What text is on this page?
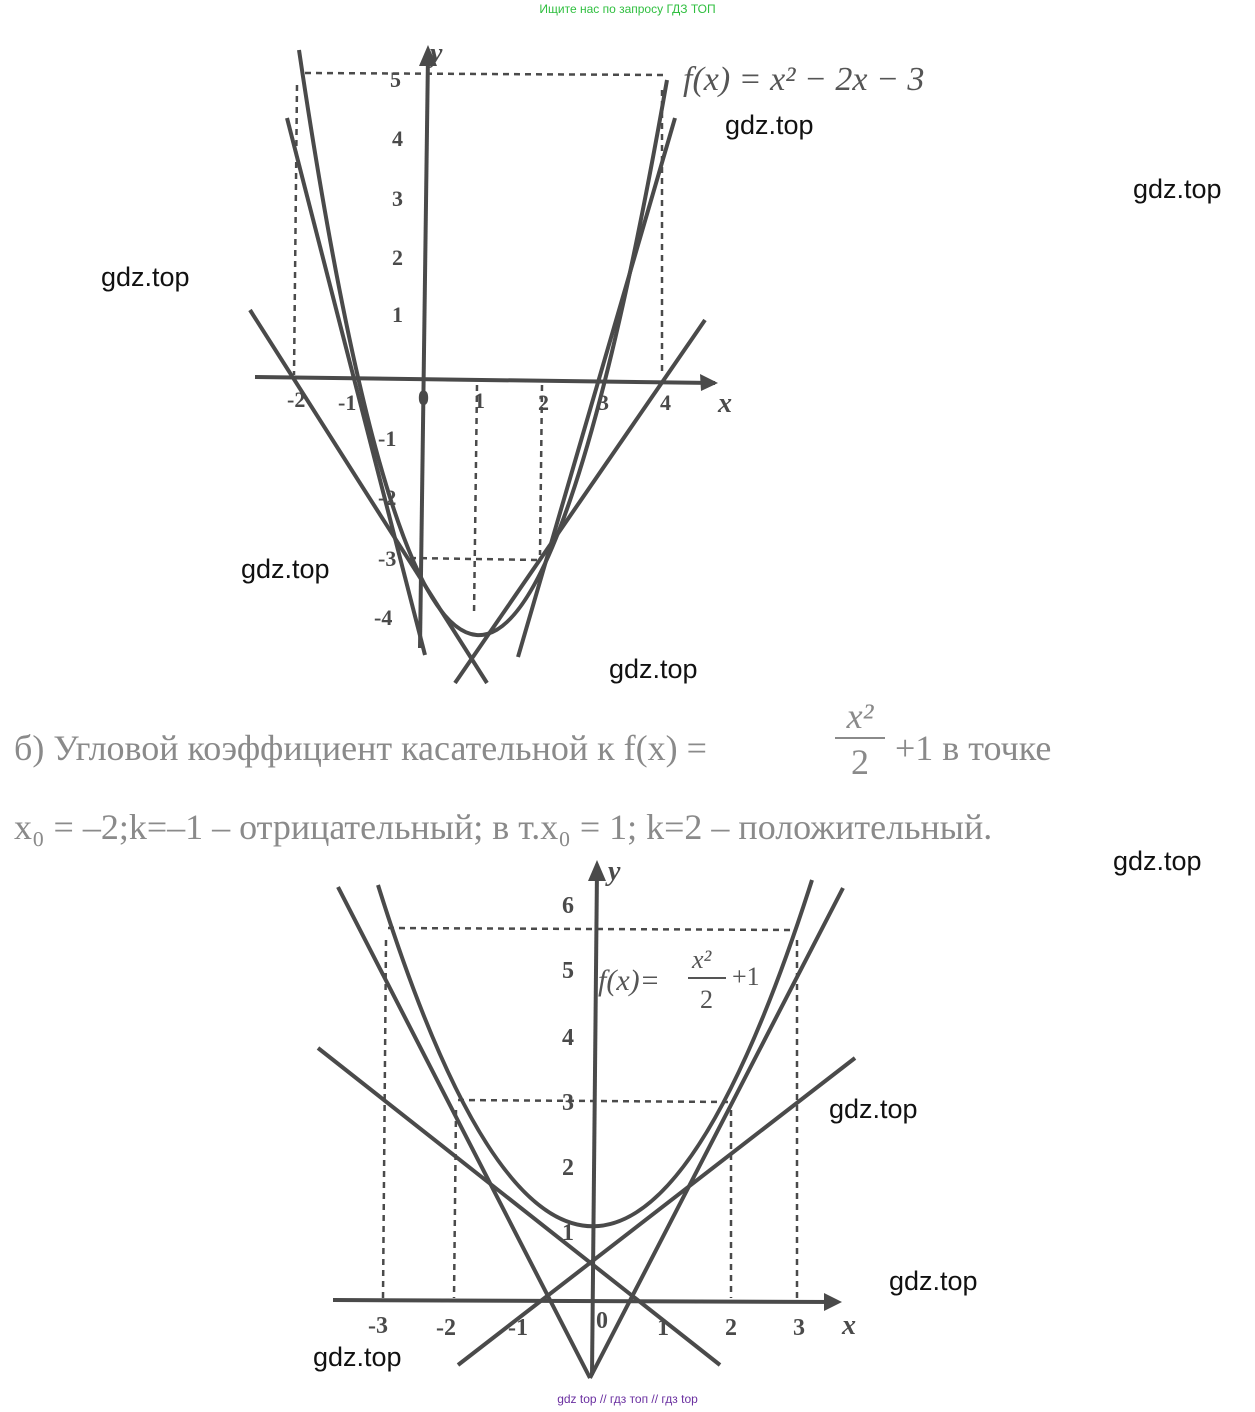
Ищите нас по запросу ГДЗ ТОП
-2 -1	0 1 2 3 4
5
4
3
2
1
-1
-2
-3
-4
x
y
f(x) = x² − 2x − 3
б) Угловой коэффициент касательной к f(x) =
x²
2 +1 в точке
x₀ = –2;k=–1 – отрицательный; в т.x₀ = 1; k=2 – положительный.
-3 -2 -1	0 1 2 3
6
5
4
3
2
1
x
y
f(x)=
x²
2
+1
gdz.top
gdz.top
gdz.top
gdz.top
gdz.top
gdz.top
gdz.top
gdz.top
gdz.top
gdz top // гдз топ // гдз top
